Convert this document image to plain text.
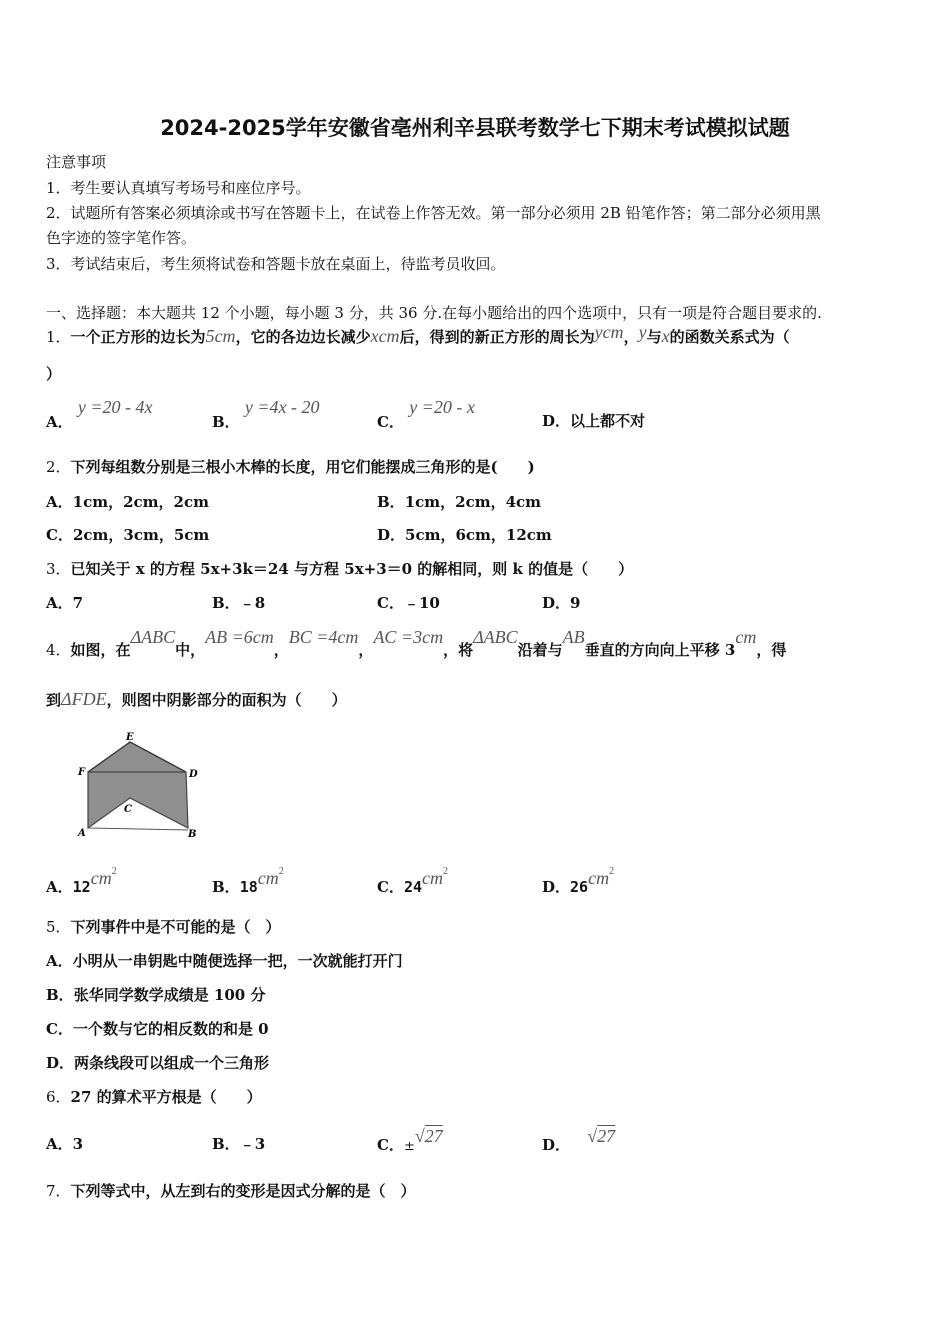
2024-2025学年安徽省亳州利辛县联考数学七下期末考试模拟试题
注意事项
1．考生要认真填写考场号和座位序号。
2．试题所有答案必须填涂或书写在答题卡上，在试卷上作答无效。第一部分必须用 2B 铅笔作答；第二部分必须用黑
色字迹的签字笔作答。
3．考试结束后，考生须将试卷和答题卡放在桌面上，待监考员收回。
一、选择题：本大题共 12 个小题，每小题 3 分，共 36 分.在每小题给出的四个选项中，只有一项是符合题目要求的.
1．一个正方形的边长为5cm，它的各边边长减少xcm后，得到的新正方形的周长为ycm，y与x的函数关系式为（
）
A． y =20 - 4x
B． y =4x - 20
C． y =20 - x
D．以上都不对
2．下列每组数分别是三根小木棒的长度，用它们能摆成三角形的是(　　)
A．1cm，2cm，2cm	B．1cm，2cm，4cm
C．2cm，3cm，5cm	D．5cm，6cm，12cm
3．已知关于 x 的方程 5x+3k＝24 与方程 5x+3＝0 的解相同，则 k 的值是（　　）
A．7	B．﹣8	C．﹣10	D．9
4．如图，在ΔABC中，AB =6cm，BC =4cm，AC =3cm，将ΔABC沿着与AB垂直的方向向上平移 3cm，得
到ΔFDE，则图中阴影部分的面积为（　　）
E
F	D
C
A	B
A．$12cm^2$
B．$18cm^2$
C．$24cm^2$
D．$26cm^2$
5．下列事件中是不可能的是（　）
A．小明从一串钥匙中随便选择一把，一次就能打开门
B．张华同学数学成绩是 100 分
C．一个数与它的相反数的和是 0
D．两条线段可以组成一个三角形
6．27 的算术平方根是（　　）
A．3	B．﹣3	C．±√27	D． √27
7．下列等式中，从左到右的变形是因式分解的是（　）
